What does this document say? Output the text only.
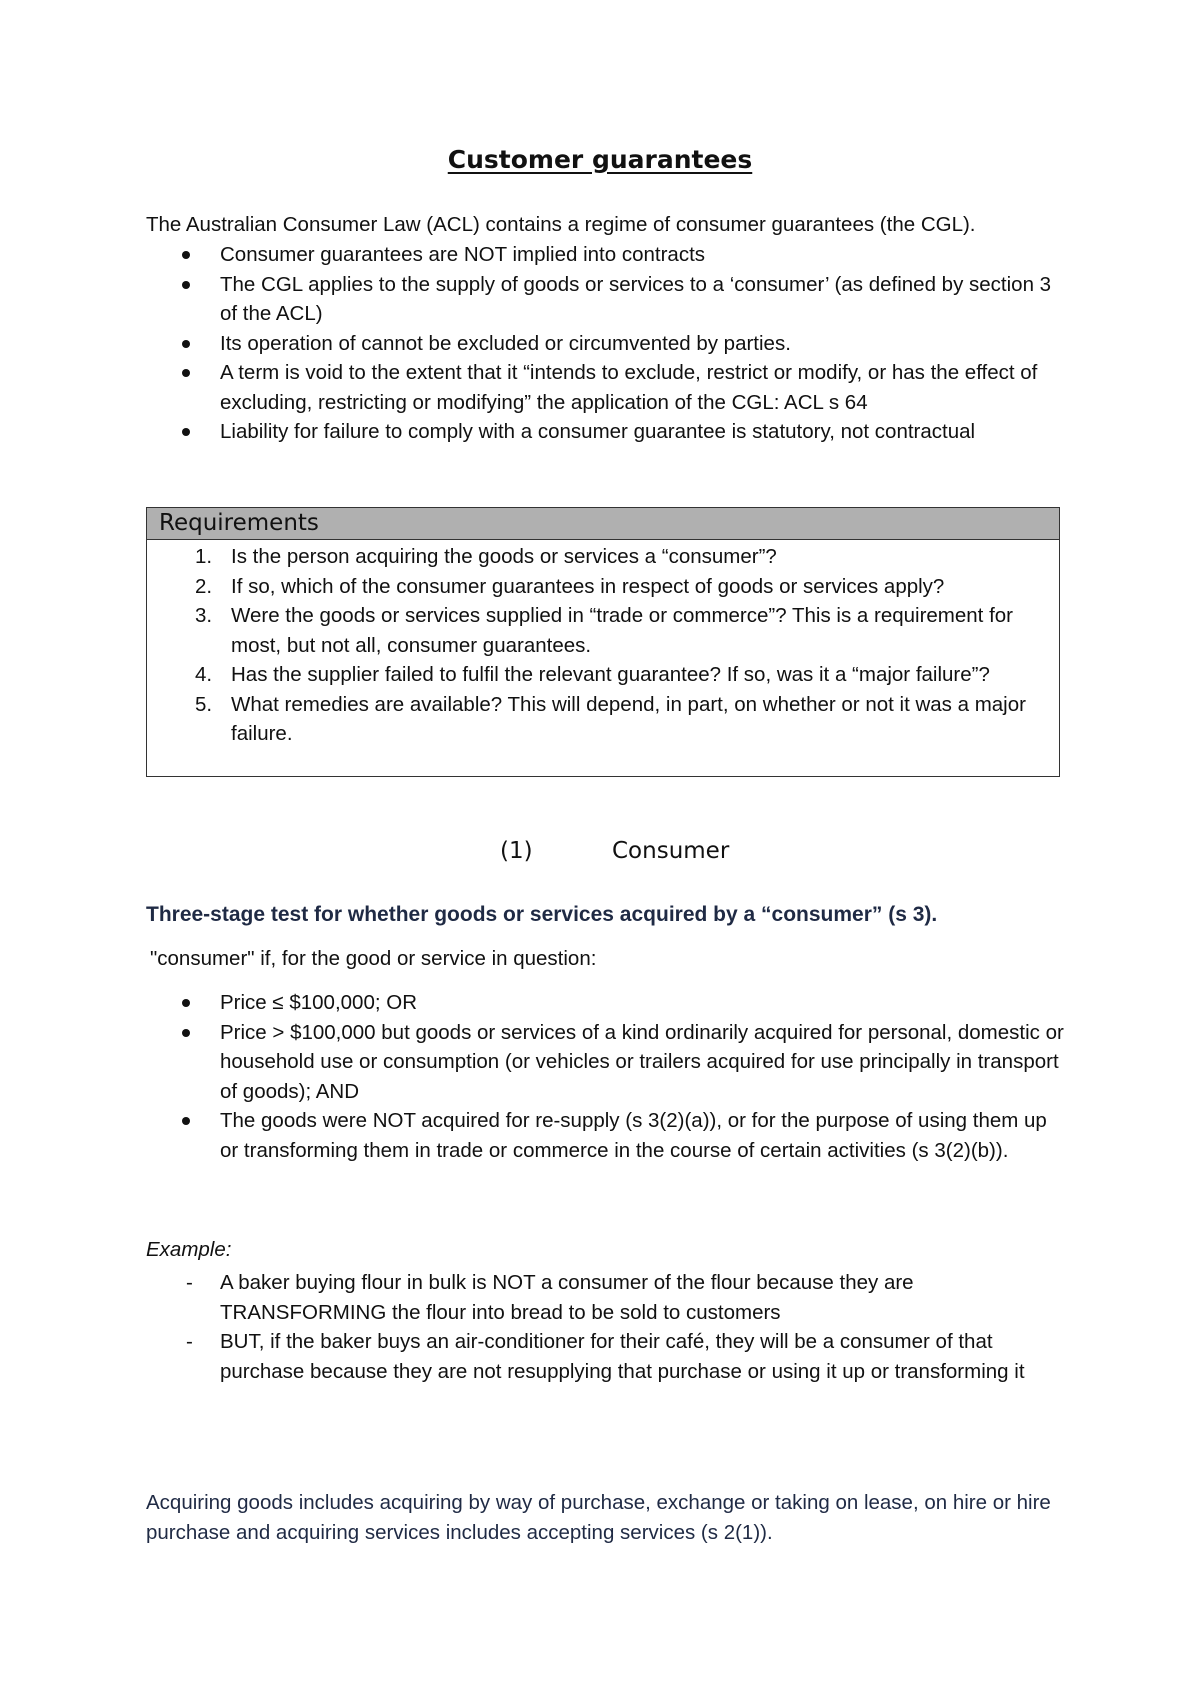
Customer guarantees
The Australian Consumer Law (ACL) contains a regime of consumer guarantees (the CGL).
Consumer guarantees are NOT implied into contracts
The CGL applies to the supply of goods or services to a ‘consumer’ (as defined by section 3 of the ACL)
Its operation of cannot be excluded or circumvented by parties.
A term is void to the extent that it “intends to exclude, restrict or modify, or has the effect of excluding, restricting or modifying” the application of the CGL: ACL s 64
Liability for failure to comply with a consumer guarantee is statutory, not contractual
Requirements
1. Is the person acquiring the goods or services a “consumer”?
2. If so, which of the consumer guarantees in respect of goods or services apply?
3. Were the goods or services supplied in “trade or commerce”? This is a requirement for most, but not all, consumer guarantees.
4. Has the supplier failed to fulfil the relevant guarantee? If so, was it a “major failure”?
5. What remedies are available? This will depend, in part, on whether or not it was a major failure.
(1)	Consumer
Three-stage test for whether goods or services acquired by a “consumer” (s 3).
"consumer" if, for the good or service in question:
Price ≤ $100,000; OR
Price > $100,000 but goods or services of a kind ordinarily acquired for personal, domestic or household use or consumption (or vehicles or trailers acquired for use principally in transport of goods); AND
The goods were NOT acquired for re-supply (s 3(2)(a)), or for the purpose of using them up or transforming them in trade or commerce in the course of certain activities (s 3(2)(b)).
Example:
- A baker buying flour in bulk is NOT a consumer of the flour because they are TRANSFORMING the flour into bread to be sold to customers
- BUT, if the baker buys an air-conditioner for their café, they will be a consumer of that purchase because they are not resupplying that purchase or using it up or transforming it
Acquiring goods includes acquiring by way of purchase, exchange or taking on lease, on hire or hire purchase and acquiring services includes accepting services (s 2(1)).
